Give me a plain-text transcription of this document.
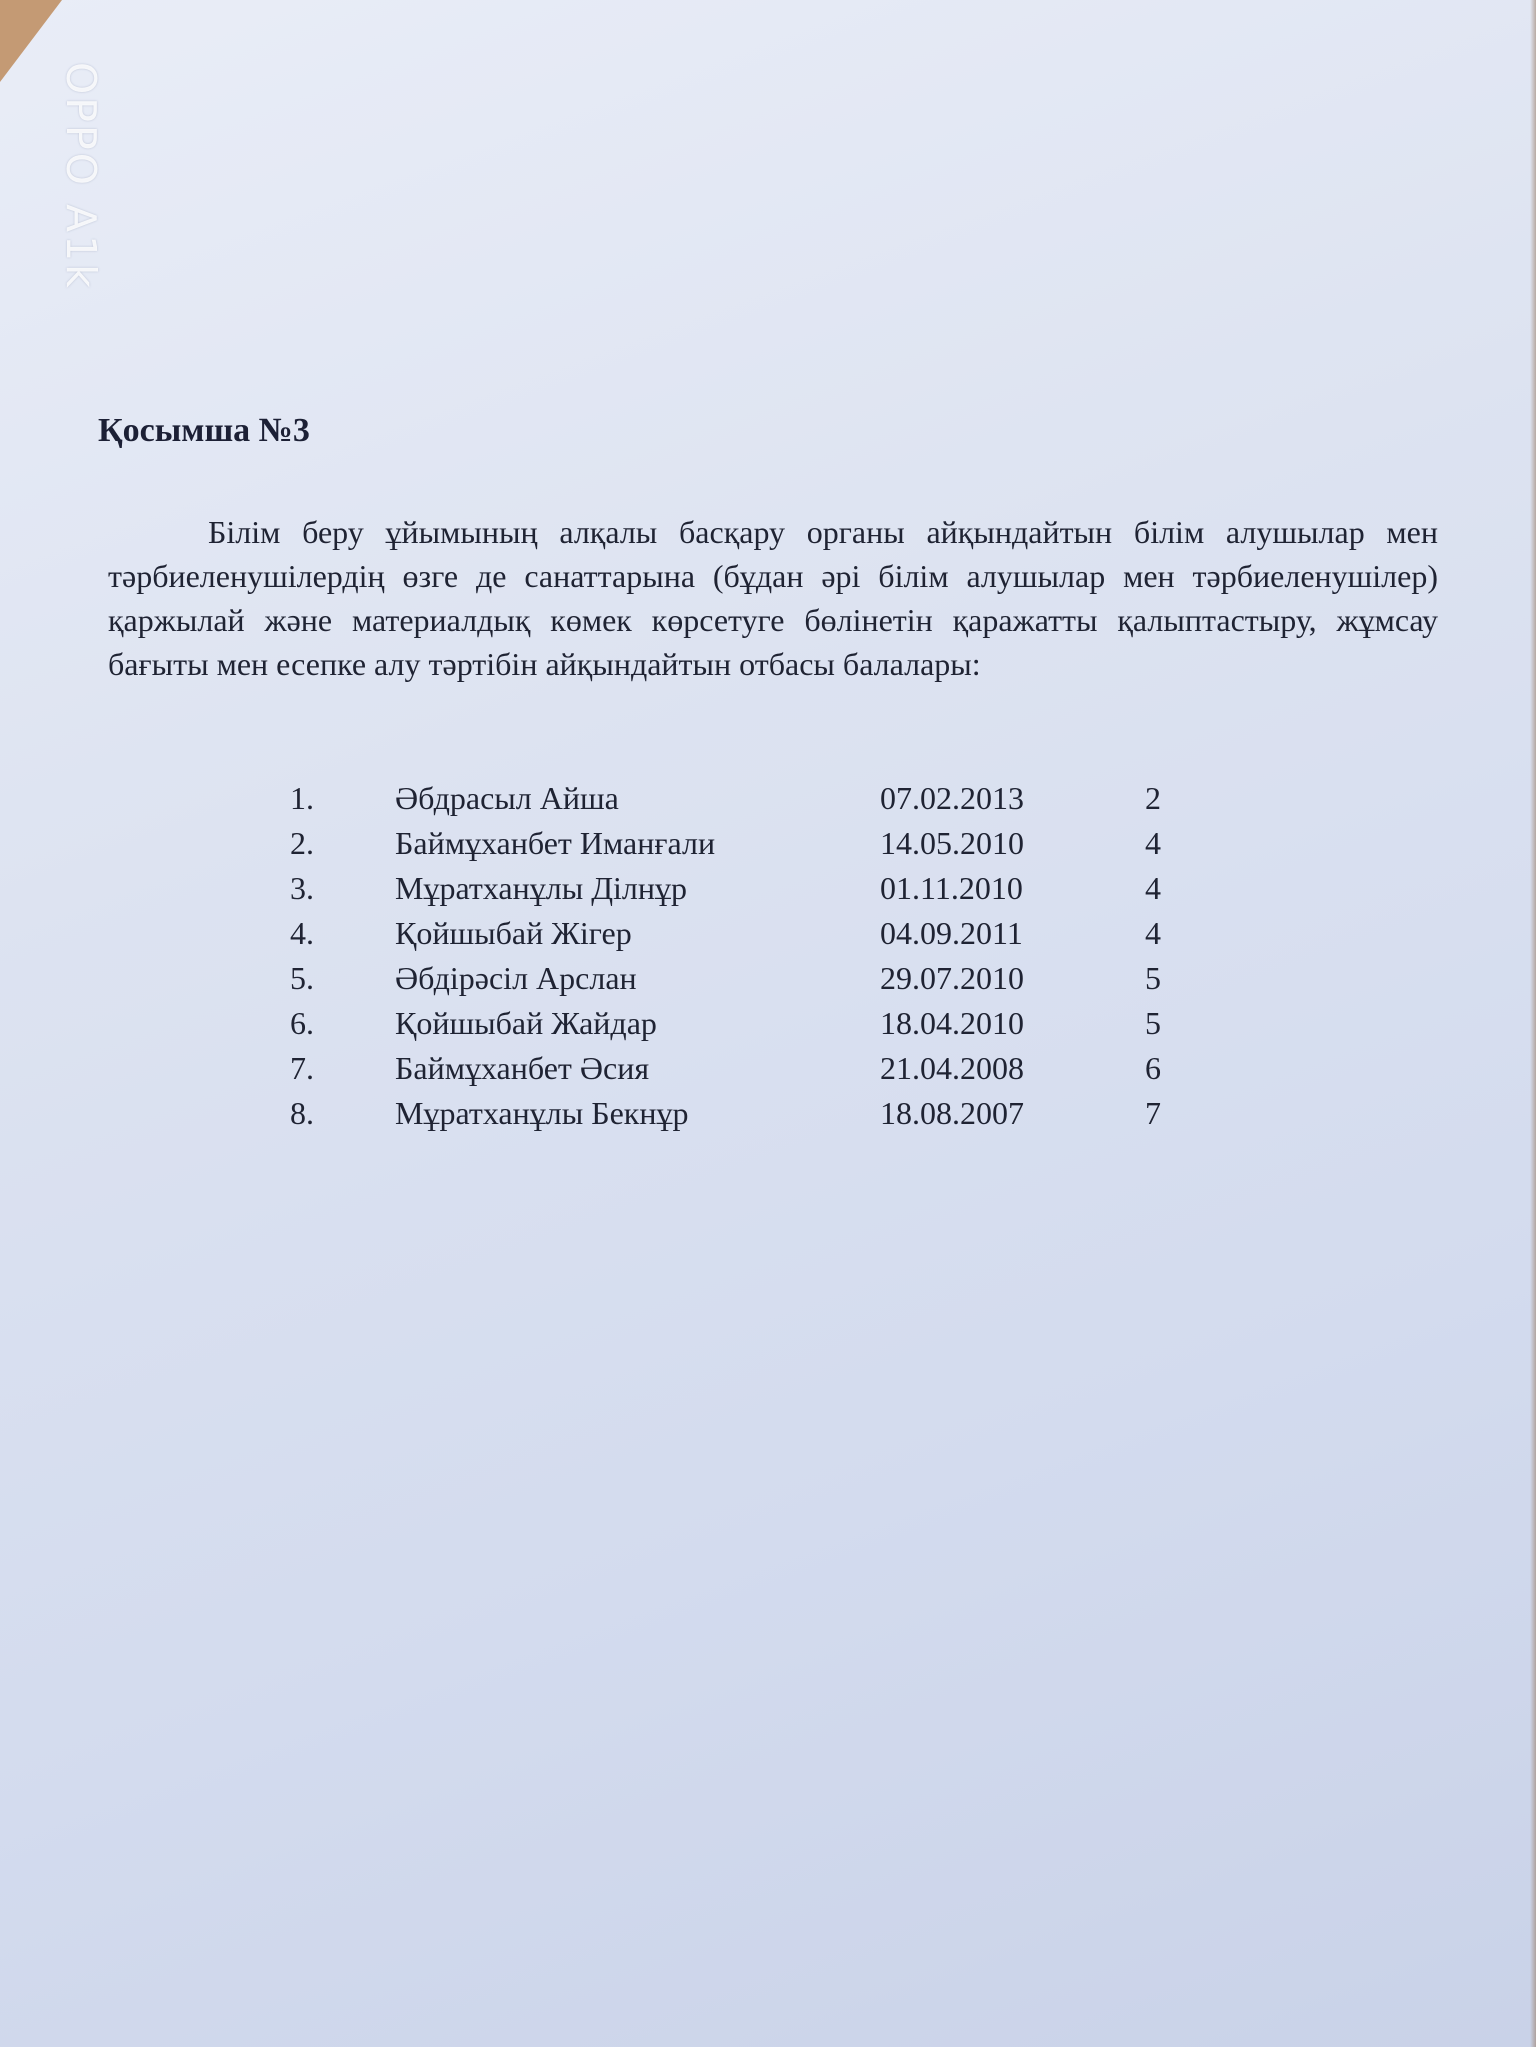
OPPO A1k
Қосымша №3

Білім беру ұйымының алқалы басқару органы айқындайтын білім алушылар мен тәрбиеленушілердің өзге де санаттарына (бұдан әрі білім алушылар мен тәрбиеленушілер) қаржылай және материалдық көмек көрсетуге бөлінетін қаражатты қалыптастыру, жұмсау бағыты мен есепке алу тәртібін айқындайтын отбасы балалары:

1.	Әбдрасыл Айша	07.02.2013	2
2.	Баймұханбет Иманғали	14.05.2010	4
3.	Мұратханұлы Ділнұр	01.11.2010	4
4.	Қойшыбай Жігер	04.09.2011	4
5.	Әбдірәсіл Арслан	29.07.2010	5
6.	Қойшыбай Жайдар	18.04.2010	5
7.	Баймұханбет Әсия	21.04.2008	6
8.	Мұратханұлы Бекнұр	18.08.2007	7
